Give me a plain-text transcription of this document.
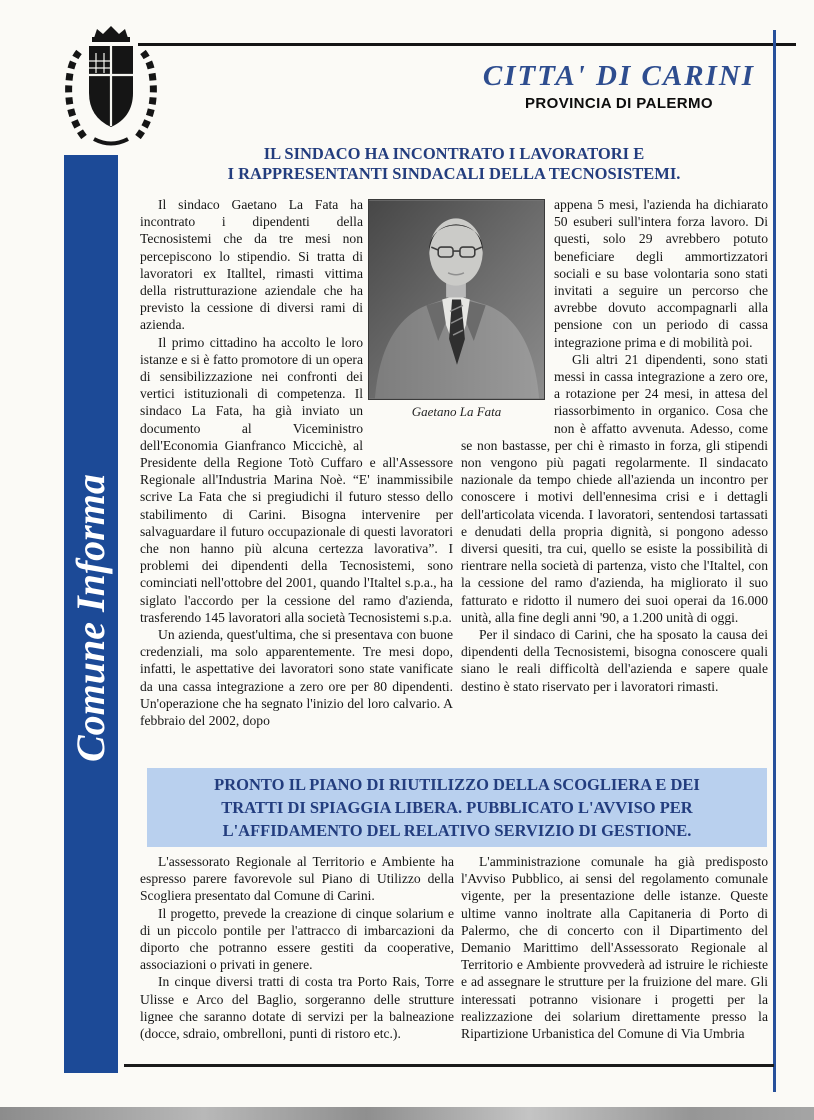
CITTA' DI CARINI
PROVINCIA DI PALERMO
Comune Informa
IL SINDACO HA INCONTRATO I LAVORATORI E
I RAPPRESENTANTI SINDACALI DELLA TECNOSISTEMI.

Il sindaco Gaetano La Fata ha incontrato i dipendenti della Tecnosistemi che da tre mesi non percepiscono lo stipendio. Si tratta di lavoratori ex Italltel, rimasti vittima della ristrutturazione aziendale che ha previsto la cessione di diversi rami di azienda.

Il primo cittadino ha accolto le loro istanze e si è fatto promotore di un opera di sensibilizzazione nei confronti dei vertici istituzionali di competenza. Il sindaco La Fata, ha già inviato un documento al Viceministro dell'Economia Gianfranco Miccichè, al Presidente della Regione Totò Cuffaro e all'Assessore Regionale all'Industria Marina Noè. “E' inammissibile scrive La Fata che si pregiudichi il futuro stesso dello stabilimento di Carini. Bisogna intervenire per salvaguardare il futuro occupazionale di questi lavoratori che non hanno più alcuna certezza lavorativa”. I problemi dei dipendenti della Tecnosistemi, sono cominciati nell'ottobre del 2001, quando l'Italtel s.p.a., ha siglato l'accordo per la cessione del ramo d'azienda, trasferendo 145 lavoratori alla società Tecnosistemi s.p.a.

Un azienda, quest'ultima, che si presentava con buone credenziali, ma solo apparentemente. Tre mesi dopo, infatti, le aspettative dei lavoratori sono state vanificate da una cassa integrazione a zero ore per 80 dipendenti. Un'operazione che ha segnato l'inizio del loro calvario. A febbraio del 2002, dopo

appena 5 mesi, l'azienda ha dichiarato 50 esuberi sull'intera forza lavoro. Di questi, solo 29 avrebbero potuto beneficiare degli ammortizzatori sociali e su base volontaria sono stati invitati a seguire un percorso che avrebbe dovuto accompagnarli alla pensione con un periodo di cassa integrazione prima e di mobilità poi.

Gli altri 21 dipendenti, sono stati messi in cassa integrazione a zero ore, a rotazione per 24 mesi, in attesa del riassorbimento in organico. Cosa che non è affatto avvenuta. Adesso, come se non bastasse, per chi è rimasto in forza, gli stipendi non vengono più pagati regolarmente. Il sindacato nazionale da tempo chiede all'azienda un incontro per conoscere i motivi dell'ennesima crisi e i dettagli dell'articolata vicenda. I lavoratori, sentendosi tartassati e denudati della propria dignità, si pongono adesso diversi quesiti, tra cui, quello se esiste la possibilità di rientrare nella società di partenza, visto che l'Italtel, con la cessione del ramo d'azienda, ha migliorato il suo fatturato e ridotto il numero dei suoi operai da 16.000 unità, alla fine degli anni '90, a 1.200 unità di oggi.

Per il sindaco di Carini, che ha sposato la causa dei dipendenti della Tecnosistemi, bisogna conoscere quali siano le reali difficoltà dell'azienda e sapere quale destino è stato riservato per i lavoratori rimasti.

Gaetano La Fata
PRONTO IL PIANO DI RIUTILIZZO DELLA SCOGLIERA E DEI
TRATTI DI SPIAGGIA LIBERA. PUBBLICATO L'AVVISO PER
L'AFFIDAMENTO DEL RELATIVO SERVIZIO DI GESTIONE.

L'assessorato Regionale al Territorio e Ambiente ha espresso parere favorevole sul Piano di Utilizzo della Scogliera presentato dal Comune di Carini.

Il progetto, prevede la creazione di cinque solarium e di un piccolo pontile per l'attracco di imbarcazioni da diporto che potranno essere gestiti da cooperative, associazioni o privati in genere.

In cinque diversi tratti di costa tra Porto Rais, Torre Ulisse e Arco del Baglio, sorgeranno delle strutture lignee che saranno dotate di servizi per la balneazione (docce, sdraio, ombrelloni, punti di ristoro etc.).

L'amministrazione comunale ha già predisposto l'Avviso Pubblico, ai sensi del regolamento comunale vigente, per la presentazione delle istanze. Queste ultime vanno inoltrate alla Capitaneria di Porto di Palermo, che di concerto con il Dipartimento del Demanio Marittimo dell'Assessorato Regionale al Territorio e Ambiente provvederà ad istruire le richieste e ad assegnare le strutture per la fruizione del mare. Gli interessati potranno visionare i progetti per la realizzazione dei solarium direttamente presso la Ripartizione Urbanistica del Comune di Via Umbria
